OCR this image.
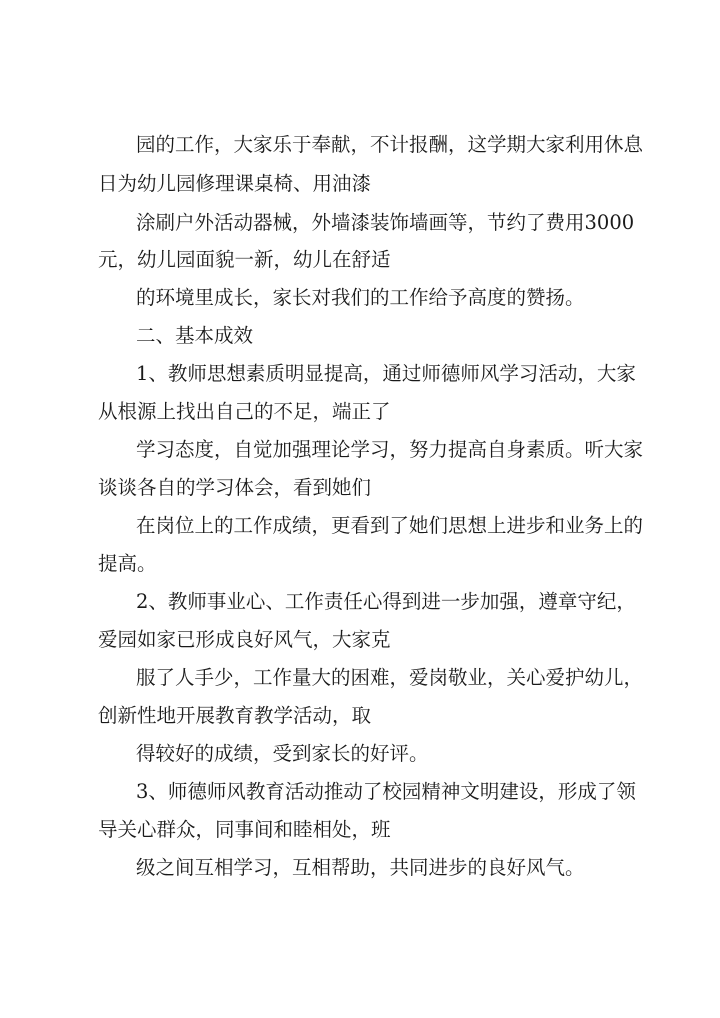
园的工作，大家乐于奉献，不计报酬，这学期大家利用休息
日为幼儿园修理课桌椅、用油漆
涂刷户外活动器械，外墙漆装饰墙画等，节约了费用3000
元，幼儿园面貌一新，幼儿在舒适
的环境里成长，家长对我们的工作给予高度的赞扬。
二、基本成效
1、教师思想素质明显提高，通过师德师风学习活动，大家
从根源上找出自己的不足，端正了
学习态度，自觉加强理论学习，努力提高自身素质。听大家
谈谈各自的学习体会，看到她们
在岗位上的工作成绩，更看到了她们思想上进步和业务上的
提高。
2、教师事业心、工作责任心得到进一步加强，遵章守纪，
爱园如家已形成良好风气，大家克
服了人手少，工作量大的困难，爱岗敬业，关心爱护幼儿，
创新性地开展教育教学活动，取
得较好的成绩，受到家长的好评。
3、师德师风教育活动推动了校园精神文明建设，形成了领
导关心群众，同事间和睦相处，班
级之间互相学习，互相帮助，共同进步的良好风气。
